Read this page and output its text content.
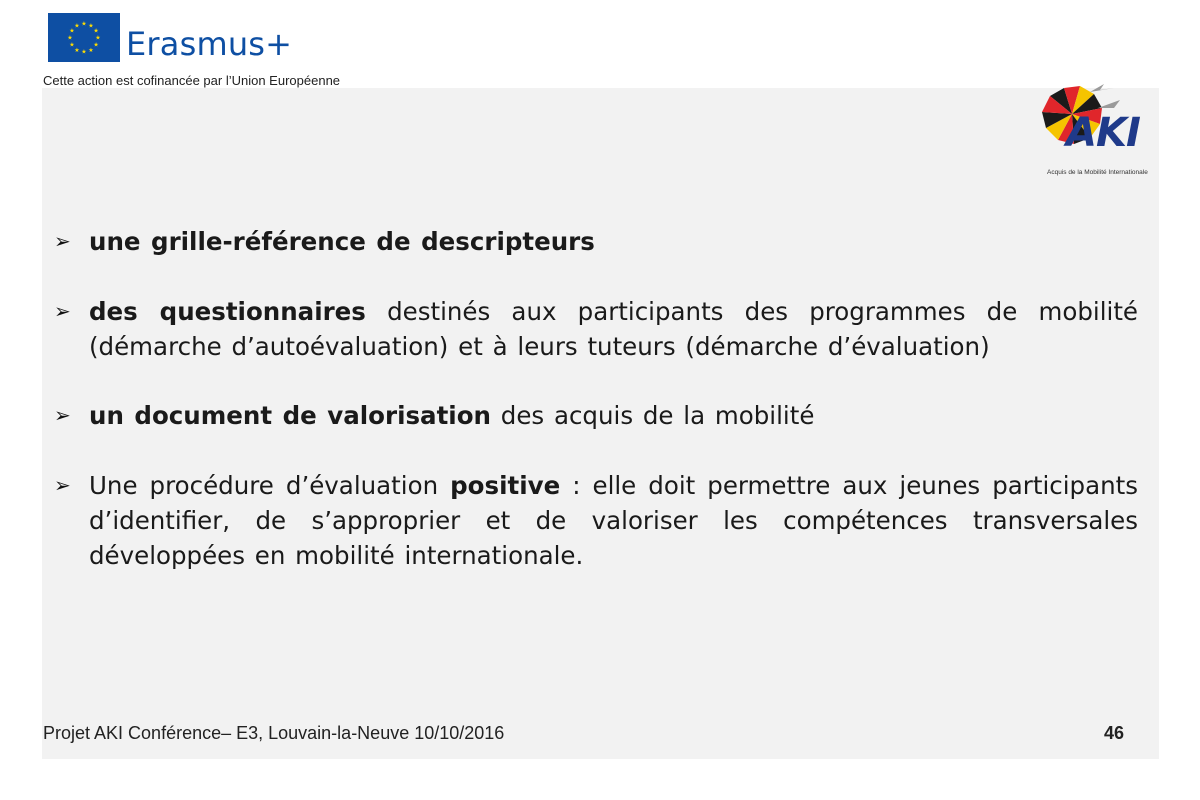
★ ★
★
★
★
★
★
★
★
★
★
★ Erasmus+
Cette action est cofinancée par l’Union Européenne
AKI
Acquis de la Mobilité Internationale
➢ une grille-référence de descripteurs
➢ des questionnaires destinés aux participants des programmes de mobilité (démarche d’autoévaluation) et à leurs tuteurs (démarche d’évaluation)
➢ un document de valorisation des acquis de la mobilité
➢ Une procédure d’évaluation positive : elle doit permettre aux jeunes participants d’identifier, de s’approprier et de valoriser les compétences transversales développées en mobilité internationale.
Projet AKI Conférence– E3, Louvain-la-Neuve 10/10/2016	46
